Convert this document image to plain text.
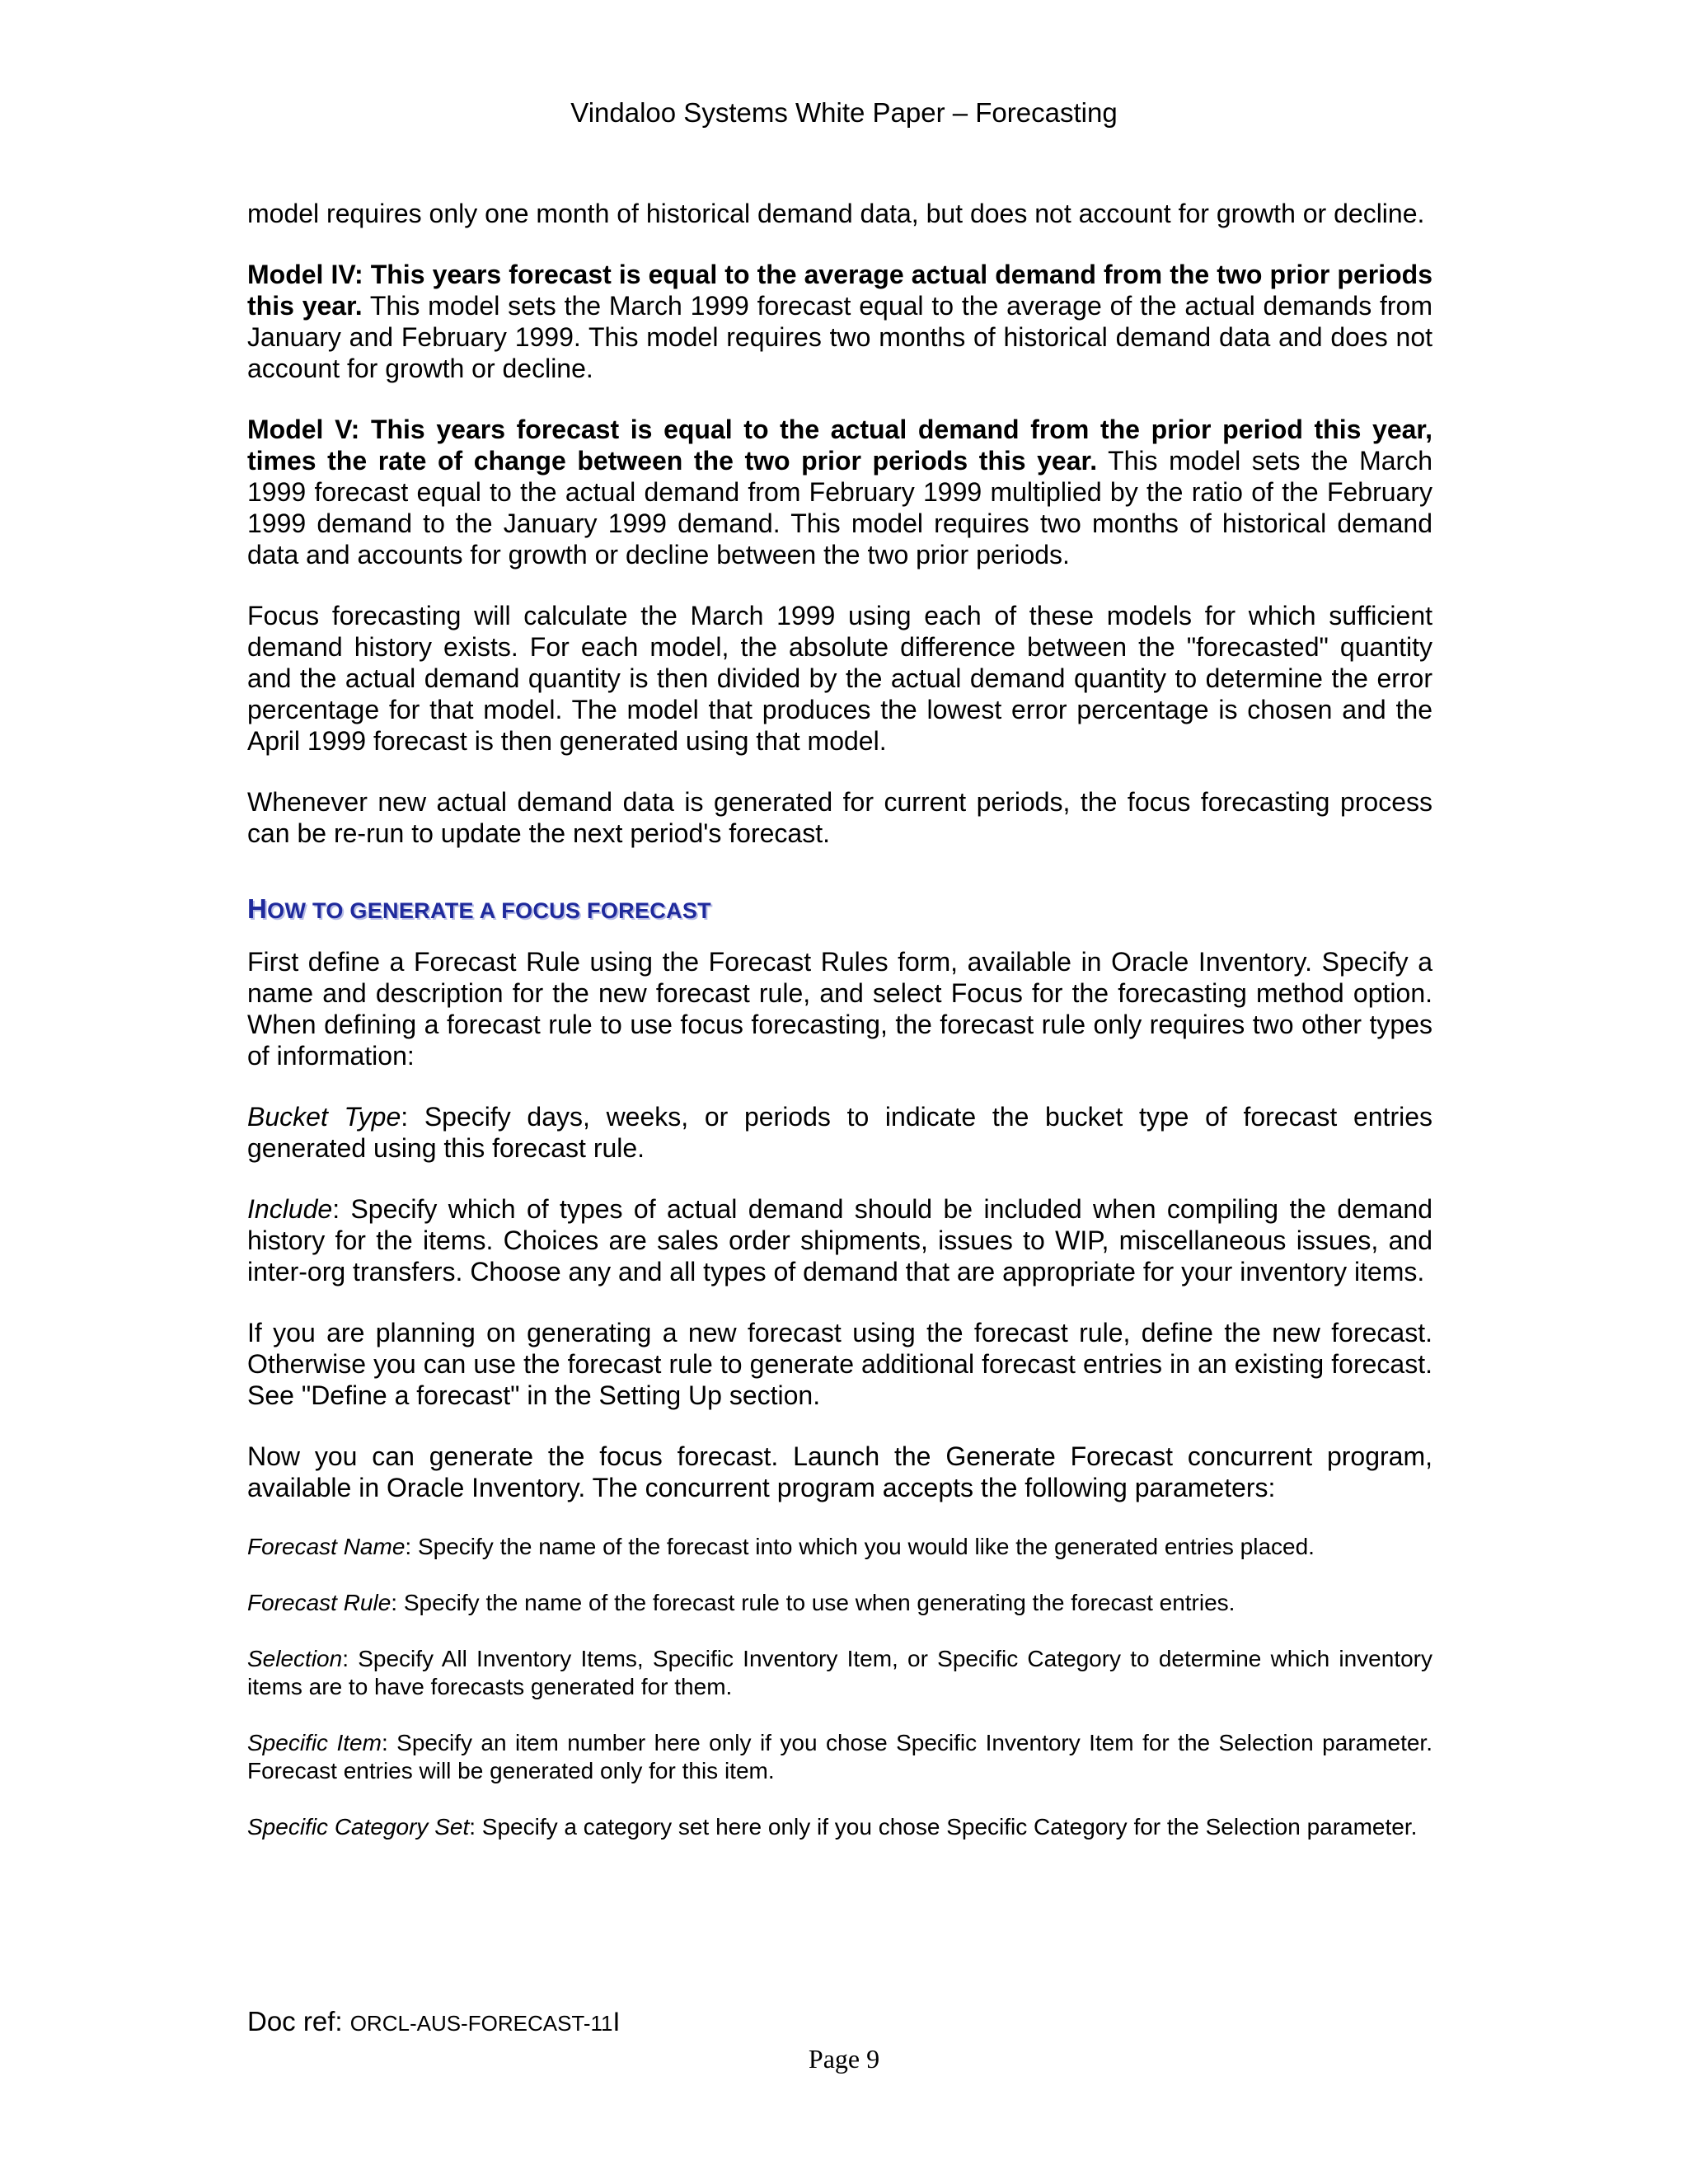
Vindaloo Systems White Paper – Forecasting

model requires only one month of historical demand data, but does not account for growth or decline.

Model IV: This years forecast is equal to the average actual demand from the two prior periods this year. This model sets the March 1999 forecast equal to the average of the actual demands from January and February 1999. This model requires two months of historical demand data and does not account for growth or decline.

Model V: This years forecast is equal to the actual demand from the prior period this year, times the rate of change between the two prior periods this year. This model sets the March 1999 forecast equal to the actual demand from February 1999 multiplied by the ratio of the February 1999 demand to the January 1999 demand. This model requires two months of historical demand data and accounts for growth or decline between the two prior periods.

Focus forecasting will calculate the March 1999 using each of these models for which sufficient demand history exists. For each model, the absolute difference between the "forecasted" quantity and the actual demand quantity is then divided by the actual demand quantity to determine the error percentage for that model. The model that produces the lowest error percentage is chosen and the April 1999 forecast is then generated using that model.

Whenever new actual demand data is generated for current periods, the focus forecasting process can be re-run to update the next period's forecast.

HOW TO GENERATE A FOCUS FORECAST

First define a Forecast Rule using the Forecast Rules form, available in Oracle Inventory. Specify a name and description for the new forecast rule, and select Focus for the forecasting method option. When defining a forecast rule to use focus forecasting, the forecast rule only requires two other types of information:

Bucket Type: Specify days, weeks, or periods to indicate the bucket type of forecast entries generated using this forecast rule.

Include: Specify which of types of actual demand should be included when compiling the demand history for the items. Choices are sales order shipments, issues to WIP, miscellaneous issues, and inter-org transfers. Choose any and all types of demand that are appropriate for your inventory items.

If you are planning on generating a new forecast using the forecast rule, define the new forecast. Otherwise you can use the forecast rule to generate additional forecast entries in an existing forecast. See "Define a forecast" in the Setting Up section.

Now you can generate the focus forecast. Launch the Generate Forecast concurrent program, available in Oracle Inventory. The concurrent program accepts the following parameters:

Forecast Name: Specify the name of the forecast into which you would like the generated entries placed.

Forecast Rule: Specify the name of the forecast rule to use when generating the forecast entries.

Selection: Specify All Inventory Items, Specific Inventory Item, or Specific Category to determine which inventory items are to have forecasts generated for them.

Specific Item: Specify an item number here only if you chose Specific Inventory Item for the Selection parameter. Forecast entries will be generated only for this item.

Specific Category Set: Specify a category set here only if you chose Specific Category for the Selection parameter.

Doc ref: ORCL-AUS-FORECAST-11I
Page 9
